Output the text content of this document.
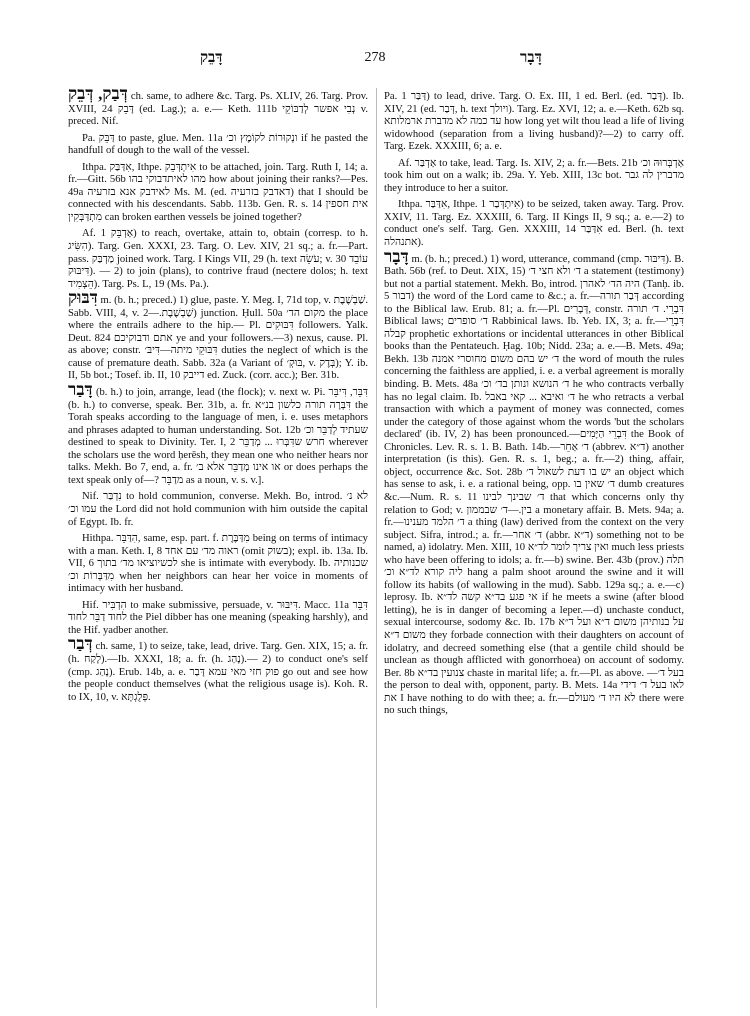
דָּבֵק	278	דָּבָר

דְּבַק, דְּבֵק ch. same, to adhere &c. Targ. Ps. XLIV, 26. Targ. Prov. XVIII, 24 דָּבֵק (ed. Lag.); a. e.— Keth. 111b נְבִי אפשר לְדַבּוֹקֵי v. preced. Nif.

Pa. דַּבֵּק to paste, glue. Men. 11a ונְקוּרוֹת לקוֹמֶץ וכ׳ if he pasted the handfull of dough to the wall of the vessel.

Ithpa. אִדַּבַּק, Ithpe. אִיתְדְּבֵק to be attached, join. Targ. Ruth I, 14; a. fr.—Gitt. 56b מהו לאיתדבוקי בהו how about joining their ranks?—Pes. 49a לאידבק אנא בזרעיה Ms. M. (ed. דאדבק בזרעיה) that I should be connected with his descendants. Sabb. 113b. Gen. R. s. 14 אית חספין מִתְדַּבְּקִין can broken earthen vessels be joined together?

Af. אַדְבֵּק 1) to reach, overtake, attain to, obtain (corresp. to h. הִשִּׂיג). Targ. Gen. XXXI, 23. Targ. O. Lev. XIV, 21 sq.; a. fr.—Part. pass. מַדְבַּק joined work. Targ. I Kings VII, 29 (h. text עֹשֵׂה; v. 30 עוֹבֵד דִּיבּוּק). — 2) to join (plans), to contrive fraud (nectere dolos; h. text הֵצְמִיד). Targ. Ps. L, 19 (Ms. Pa.).

דִּבּוּק m. (b. h.; preced.) 1) glue, paste. Y. Meg. I, 71d top, v. שַׁבְשֶׁבֶת. Sabb. VIII, 4, v. שַׁבְשֶׁבֶת.—2) junction. Ḥull. 50a מקום הד׳ the place where the entrails adhere to the hip.— Pl. דִּבּוּקִים followers. Yalk. Deut. 824 אתם ודבוקיכם ye and your followers.—3) nexus, cause. Pl. as above; constr. דִּבּוּקֵי מיתה—דִּיבּ׳ duties the neglect of which is the cause of premature death. Sabb. 32a (a Variant of בּוּקְ׳, v. בְּדֶק); Y. ib. II, 5b bot.; Tosef. ib. II, 10 דייבק ed. Zuck. (corr. acc.); Ber. 31b.

דָּבַר (b. h.) to join, arrange, lead (the flock); v. next w. Pi. דִּבֵּר, דִּיבֵּר (b. h.) to converse, speak. Ber. 31b, a. fr. דִּבְּרָה תורה כלשון בנ״א the Torah speaks according to the language of men, i. e. uses metaphors and phrases adapted to human understanding. Sot. 12b שעתיד לְדַבֵּר וכ׳ destined to speak to Divinity. Ter. I, 2 חרש שדִּבְּרוּ ... מְדַבֵּר wherever the scholars use the word ḥerēsh, they mean one who neither hears nor talks. Mekh. Bo 7, end, a. fr. או אינו מְדַבֵּר אלא ב׳ or does perhaps the text speak only of—? מדַבֵּר as a noun, v. s. v.].

Nif. נִדְבַּר to hold communion, converse. Mekh. Bo, introd. לא נ׳ עמו וכ׳ the Lord did not hold communion with him outside the capital of Egypt. Ib. fr.

Hithpa. הִדַּבֵּר, same, esp. part. f. מִדַּבֶּרֶת being on terms of intimacy with a man. Keth. I, 8 ראוה מד׳ עם אחד (omit בשוק); expl. ib. 13a. Ib. VII, 6 לכשיוציאו מד׳ בתוך she is intimate with everybody. Ib. שכנותיה מִדַּבְּרוֹת וכ׳ when her neighbors can hear her voice in moments of intimacy with her husband.

Hif. הִדְבִּיר to make submissive, persuade, v. דִּיבּוּר. Macc. 11a דִּבֵּר לחוד דַבֵּר לחוד the Piel dibber has one meaning (speaking harshly), and the Hif. yadber another.

דְּבַר ch. same, 1) to seize, take, lead, drive. Targ. Gen. XIX, 15; a. fr. (h. לָקַח).—Ib. XXXI, 18; a. fr. (h. נָהַג).— 2) to conduct one's self (cmp. נָהַג). Erub. 14b, a. e. פוק חזי מאי עמא דָּבַר go out and see how the people conduct themselves (what the religious usage is). Koh. R. to IX, 10, v. פְּלֻגְתָּא.

Pa. דַּבַּר 1) to lead, drive. Targ. O. Ex. III, 1 ed. Berl. (ed. דְּבַר). Ib. XIV, 21 (ed. דְּבַר, h. text ויולך). Targ. Ez. XVI, 12; a. e.—Keth. 62b sq. עד כמה לא מדברת ארמלותא how long yet wilt thou lead a life of living widowhood (separation from a living husband)?—2) to carry off. Targ. Ezek. XXXIII, 6; a. e.

Af. אַדְבַּר to take, lead. Targ. Is. XIV, 2; a. fr.—Bets. 21b אַדְבְּרוּהּ וכ׳ took him out on a walk; ib. 29a. Y. Yeb. XIII, 13c bot. מדברין לה גבר they introduce to her a suitor.

Ithpa. אִדַּבַּר, Ithpe. אִיתְדְּבַר 1) to be seized, taken away. Targ. Prov. XXIV, 11. Targ. Ez. XXXIII, 6. Targ. II Kings II, 9 sq.; a. e.—2) to conduct one's self. Targ. Gen. XXXIII, 14 אִדַּבַּר ed. Berl. (h. text אתנהלה).

דָּבָר m. (b. h.; preced.) 1) word, utterance, command (cmp. דִּיבּוּר). B. Bath. 56b (ref. to Deut. XIX, 15) ד׳ ולא חצי ד׳ a statement (testimony) but not a partial statement. Mekh. Bo, introd. היה הד׳ לאהרן (Tanḥ. ib. 5 דבור) the word of the Lord came to &c.; a. fr.—דְּבַר תורה according to the Biblical law. Erub. 81; a. fr.—Pl. דְּבָרִים, constr. דִּבְרֵי. ד׳ תורה Biblical laws; ד׳ סופרים Rabbinical laws. Ib. Yeb. IX, 3; a. fr.—דִּבְרֵי קבלה prophetic exhortations or incidental utterances in other Biblical books than the Pentateuch. Ḥag. 10b; Nidd. 23a; a. e.—B. Mets. 49a; Bekh. 13b ד׳ יש בהם משום מחוסרי אמנה the word of mouth the rules concerning the faithless are applied, i. e. a verbal agreement is morally binding. B. Mets. 48a ד׳ הנושא ונותן בד׳ וכ׳ he who contracts verbally has no legal claim. Ib. ד׳ ואיבא ... קאי באבל he who retracts a verbal transaction with which a payment of money was connected, comes under the category of those against whom the words 'but the scholars declared' (ib. IV, 2) has been pronounced.—דִּבְרֵי הַיָּמִים the Book of Chronicles. Lev. R. s. 1. B. Bath. 14b.—ד׳ אַחֵר (abbrev. ד״א) another interpretation (is this). Gen. R. s. 1, beg.; a. fr.—2) thing, affair, object, occurrence &c. Sot. 28b יש בו דעת לשאול ד׳ an object which has sense to ask, i. e. a rational being, opp. ד׳ שאין בו dumb creatures &c.—Num. R. s. 11 ד׳ שבינך לבינו that which concerns only thy relation to God; v. בין.—ד׳ שבממון a monetary affair. B. Mets. 94a; a. fr.—ד׳ הלמד מענינו a thing (law) derived from the context on the very subject. Sifra, introd.; a. fr.—ד׳ אחר (abbr. ד״א) something not to be named, a) idolatry. Men. XIII, 10 ואין צריך לומר לד״א much less priests who have been offering to idols; a. fr.—b) swine. Ber. 43b (prov.) תלה ליה קורא לד״א וכ׳ hang a palm shoot around the swine and it will follow its habits (of wallowing in the mud). Sabb. 129a sq.; a. e.—c) leprosy. Ib. אי פגע בד״א קשה לד״א if he meets a swine (after blood letting), he is in danger of becoming a leper.—d) unchaste conduct, sexual intercourse, sodomy &c. Ib. 17b על בנותיהן משום ד״א ועל ד״א משום ד״א they forbade connection with their daughters on account of idolatry, and decreed something else (that a gentile child should be unclean as though afflicted with gonorrhoea) on account of sodomy. Ber. 8b צנועין בד״א chaste in marital life; a. fr.—Pl. as above. —בעל ד׳ the person to deal with, opponent, party. B. Mets. 14a לאו בעל ד׳ דידי את I have nothing to do with thee; a. fr.—לא היו ד׳ מעולם there were no such things,
